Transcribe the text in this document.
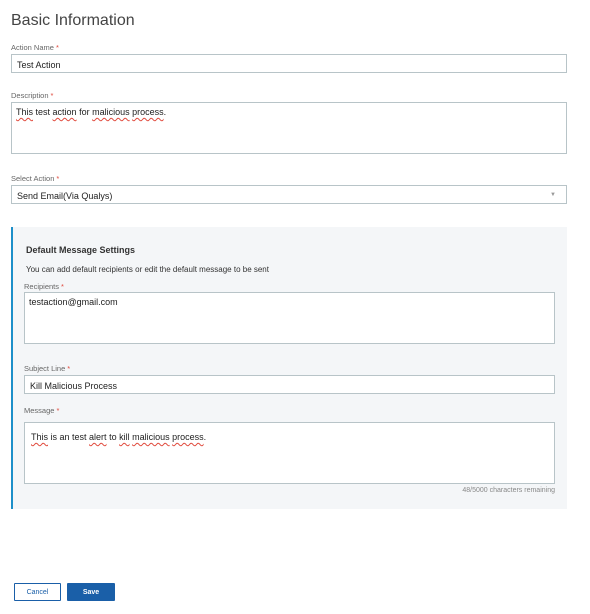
Basic Information
Action Name *
Test Action
Description *
This test action for malicious process.
Select Action *
Send Email(Via Qualys)	▼
Default Message Settings
You can add default recipients or edit the default message to be sent
Recipients *
testaction@gmail.com
Subject Line *
Kill Malicious Process
Message *
This is an test alert to kill malicious process.
48/5000 characters remaining
Cancel	Save
